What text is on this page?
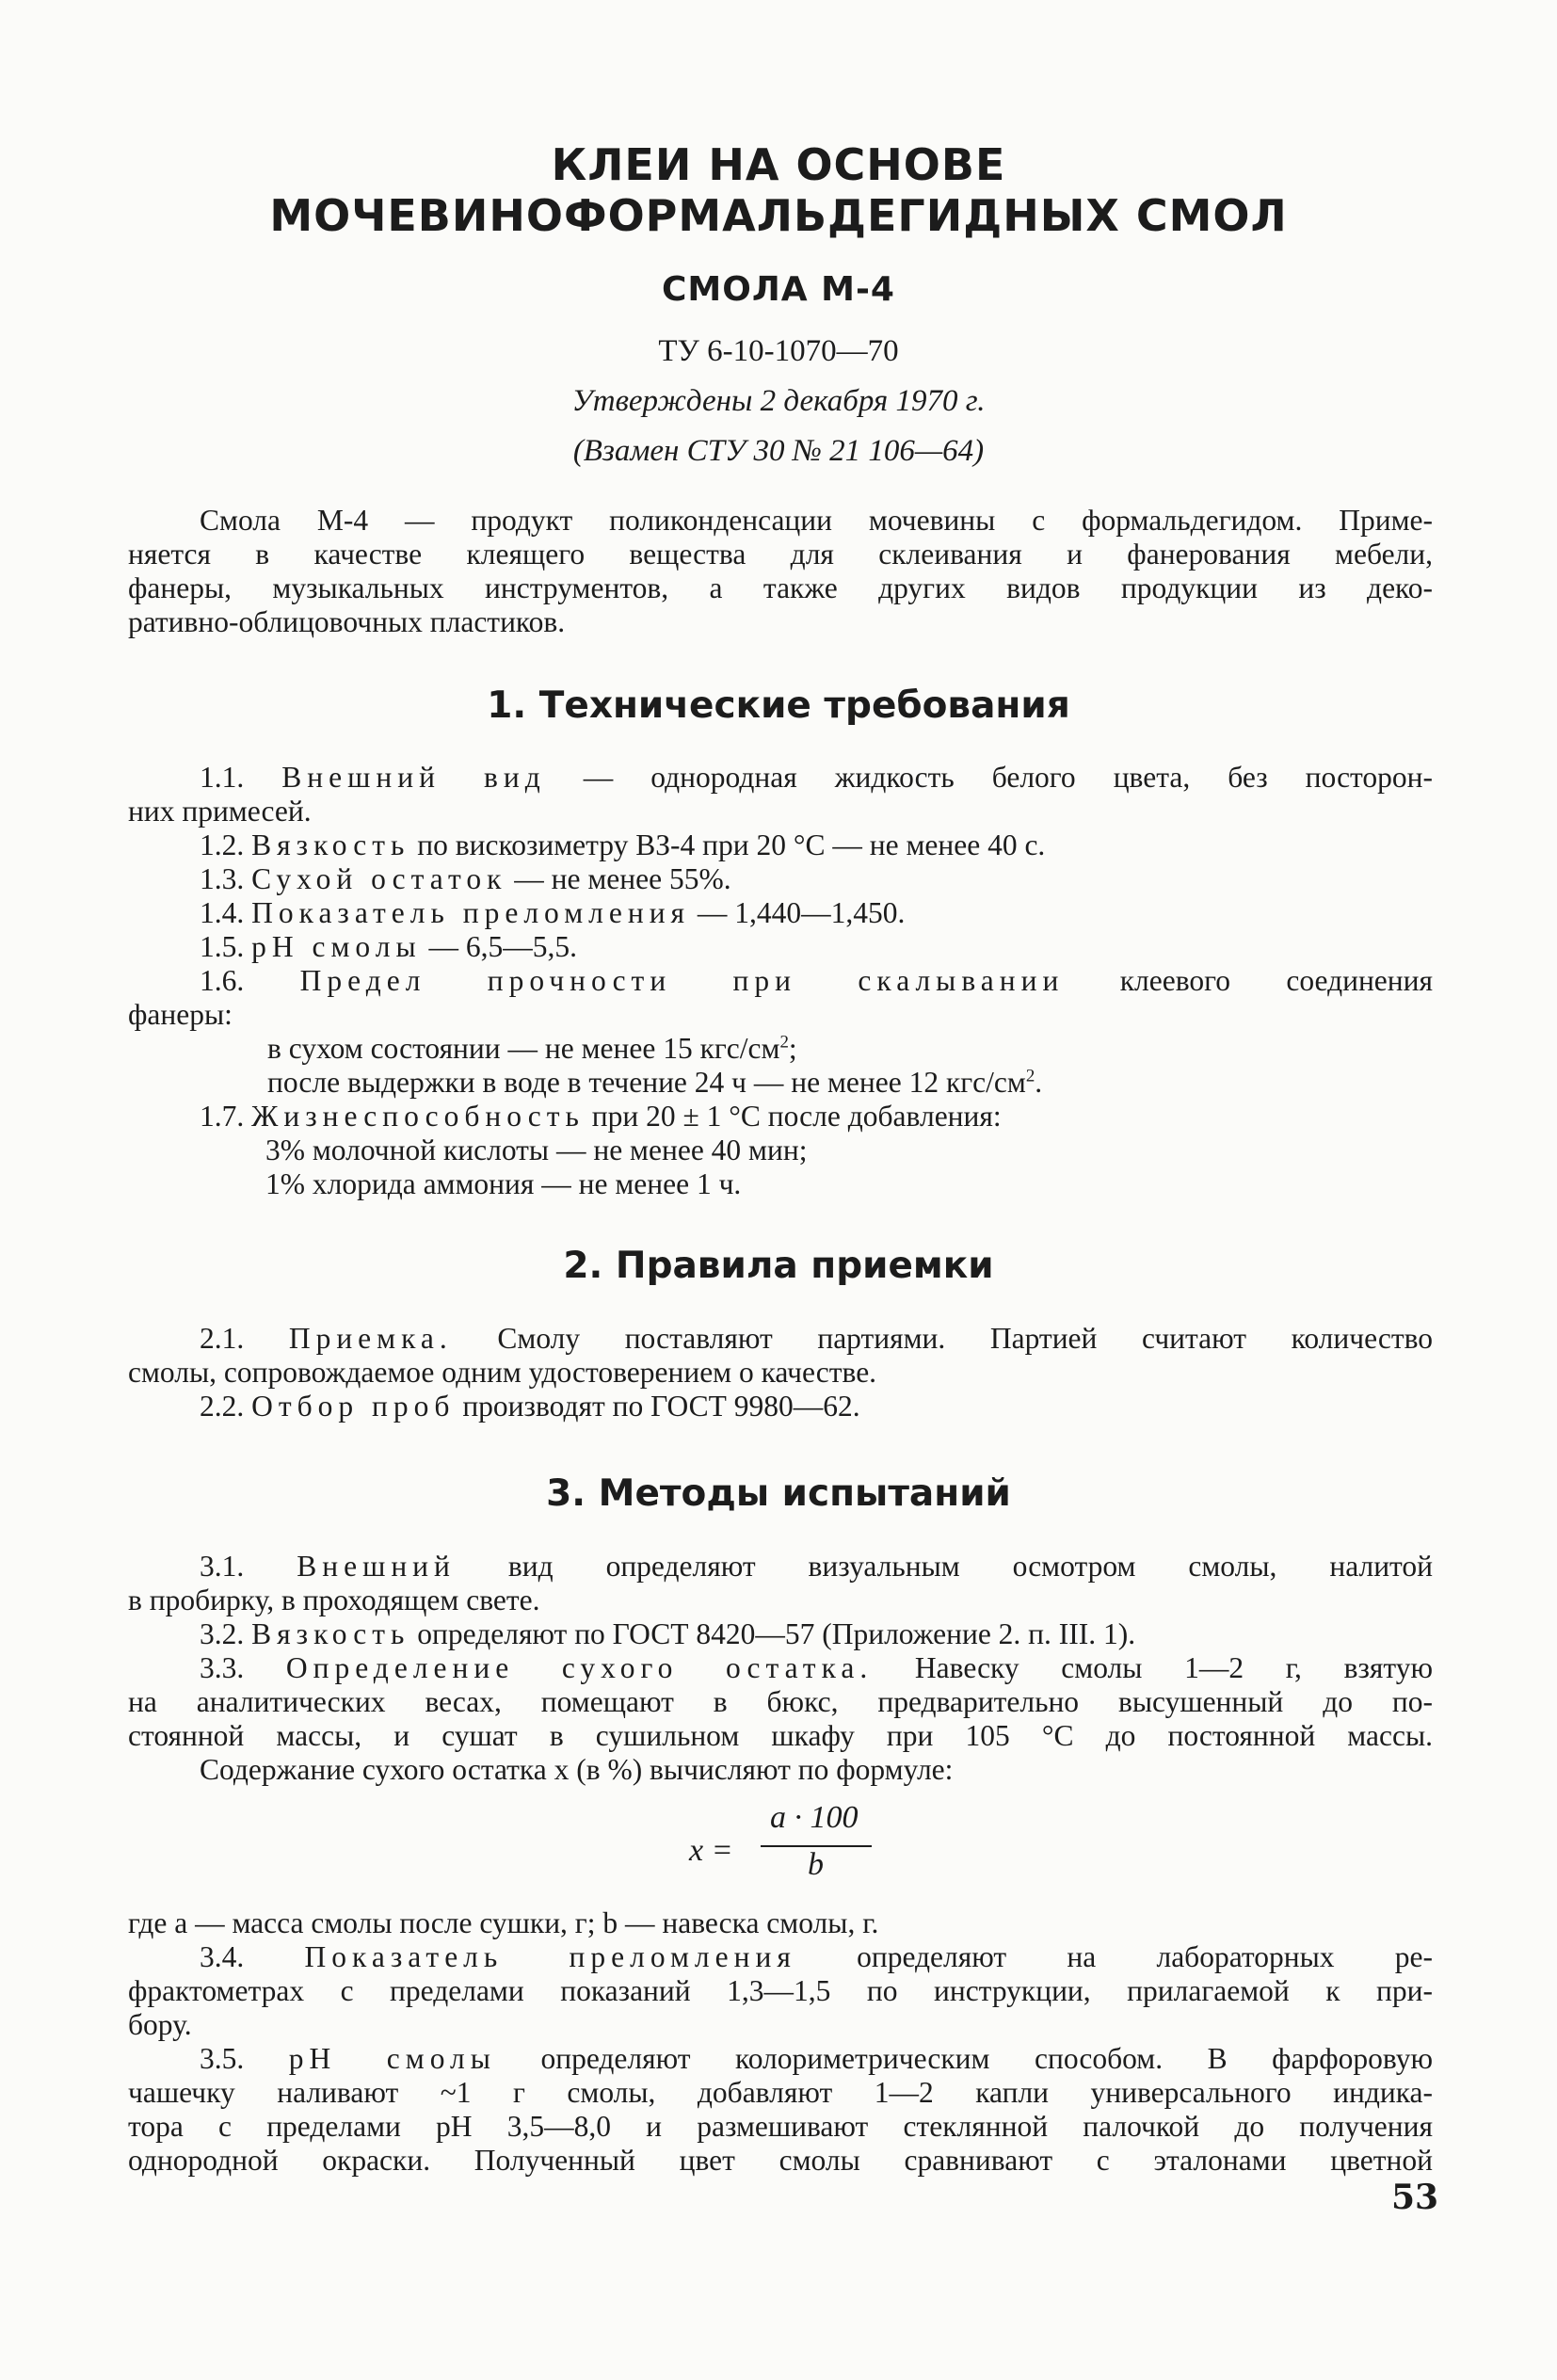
КЛЕИ НА ОСНОВЕ
МОЧЕВИНОФОРМАЛЬДЕГИДНЫХ СМОЛ
СМОЛА М-4
ТУ 6-10-1070—70
Утверждены 2 декабря 1970 г.
(Взамен СТУ 30 № 21 106—64)
Смола М-4 — продукт поликонденсации мочевины с формальдегидом. Приме-
няется в качестве клеящего вещества для склеивания и фанерования мебели,
фанеры, музыкальных инструментов, а также других видов продукции из деко-
ративно-облицовочных пластиков.
1. Технические требования
1.1. Внешний вид — однородная жидкость белого цвета, без посторон-
них примесей.
1.2. Вязкость по вискозиметру ВЗ-4 при 20 °С — не менее 40 с.
1.3. Сухой остаток — не менее 55%.
1.4. Показатель преломления — 1,440—1,450.
1.5. рН смолы — 6,5—5,5.
1.6. Предел прочности при скалывании клеевого соединения
фанеры:
в сухом состоянии — не менее 15 кгс/$см^2$;
после выдержки в воде в течение 24 ч — не менее 12 кгс/$см^2$.
1.7. Жизнеспособность при 20 ± 1 °С после добавления:
3% молочной кислоты — не менее 40 мин;
1% хлорида аммония — не менее 1 ч.
2. Правила приемки
2.1. Приемка. Смолу поставляют партиями. Партией считают количество
смолы, сопровождаемое одним удостоверением о качестве.
2.2. Отбор проб производят по ГОСТ 9980—62.
3. Методы испытаний
3.1. Внешний вид определяют визуальным осмотром смолы, налитой
в пробирку, в проходящем свете.
3.2. Вязкость определяют по ГОСТ 8420—57 (Приложение 2. п. III. 1).
3.3. Определение сухого остатка. Навеску смолы 1—2 г, взятую
на аналитических весах, помещают в бюкс, предварительно высушенный до по-
стоянной массы, и сушат в сушильном шкафу при 105 °С до постоянной массы.
Содержание сухого остатка x (в %) вычисляют по формуле:
x =
a · 100
b
где a — масса смолы после сушки, г; b — навеска смолы, г.
3.4. Показатель преломления определяют на лабораторных ре-
фрактометрах с пределами показаний 1,3—1,5 по инструкции, прилагаемой к при-
бору.
3.5. рН смолы определяют колориметрическим способом. В фарфоровую
чашечку наливают ~1 г смолы, добавляют 1—2 капли универсального индика-
тора с пределами рН 3,5—8,0 и размешивают стеклянной палочкой до получения
однородной окраски. Полученный цвет смолы сравнивают с эталонами цветной
53
